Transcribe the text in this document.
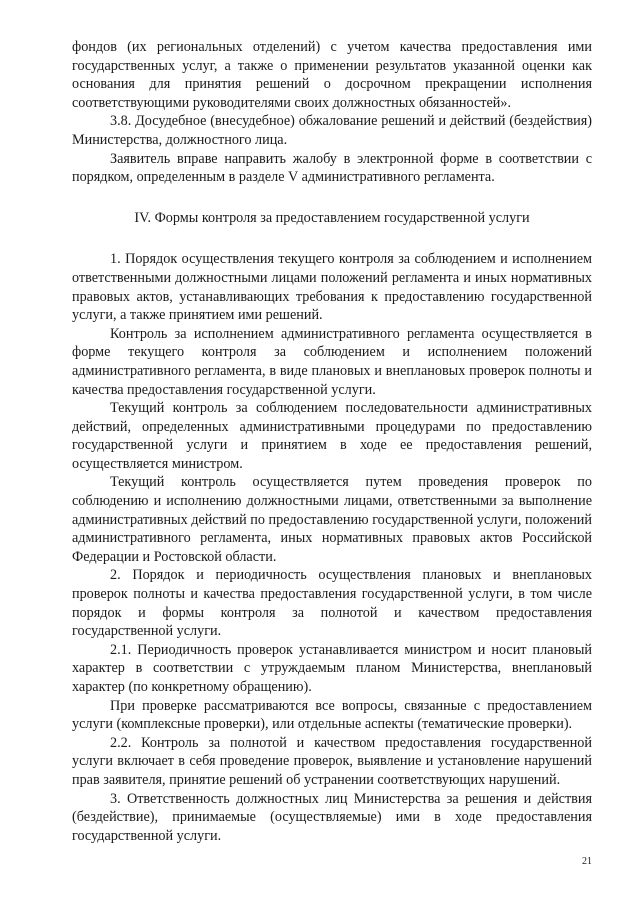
фондов (их региональных отделений) с учетом качества предоставления ими государственных услуг, а также о применении результатов указанной оценки как основания для принятия решений о досрочном прекращении исполнения соответствующими руководителями своих должностных обязанностей».

3.8. Досудебное (внесудебное) обжалование решений и действий (бездействия) Министерства, должностного лица.

Заявитель вправе направить жалобу в электронной форме в соответствии с порядком, определенным в разделе V административного регламента.

IV. Формы контроля за предоставлением государственной услуги

1. Порядок осуществления текущего контроля за соблюдением и исполнением ответственными должностными лицами положений регламента и иных нормативных правовых актов, устанавливающих требования к предоставлению государственной услуги, а также принятием ими решений.

Контроль за исполнением административного регламента осуществляется в форме текущего контроля за соблюдением и исполнением положений административного регламента, в виде плановых и внеплановых проверок полноты и качества предоставления государственной услуги.

Текущий контроль за соблюдением последовательности административных действий, определенных административными процедурами по предоставлению государственной услуги и принятием в ходе ее предоставления решений, осуществляется министром.

Текущий контроль осуществляется путем проведения проверок по соблюдению и исполнению должностными лицами, ответственными за выполнение административных действий по предоставлению государственной услуги, положений административного регламента, иных нормативных правовых актов Российской Федерации и Ростовской области.

2. Порядок и периодичность осуществления плановых и внеплановых проверок полноты и качества предоставления государственной услуги, в том числе порядок и формы контроля за полнотой и качеством предоставления государственной услуги.

2.1. Периодичность проверок устанавливается министром и носит плановый характер в соответствии с утруждаемым планом Министерства, внеплановый характер (по конкретному обращению).

При проверке рассматриваются все вопросы, связанные с предоставлением услуги (комплексные проверки), или отдельные аспекты (тематические проверки).

2.2. Контроль за полнотой и качеством предоставления государственной услуги включает в себя проведение проверок, выявление и установление нарушений прав заявителя, принятие решений об устранении соответствующих нарушений.

3. Ответственность должностных лиц Министерства за решения и действия (бездействие), принимаемые (осуществляемые) ими в ходе предоставления государственной услуги.

21
